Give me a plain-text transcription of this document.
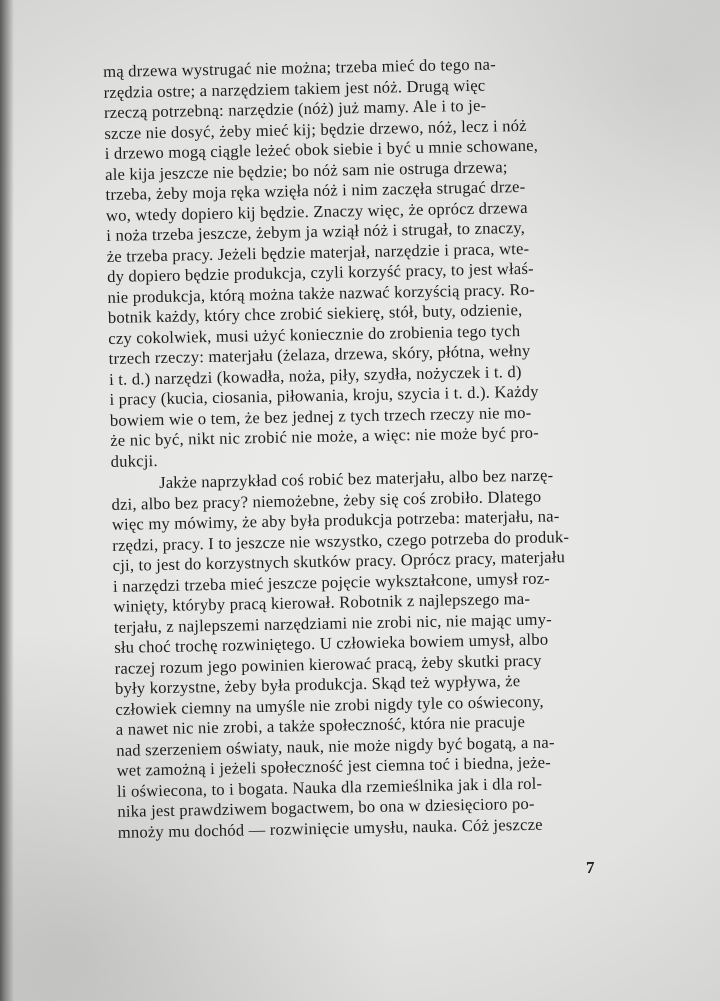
mą drzewa wystrugać nie można; trzeba mieć do tego na-
rzędzia ostre; a narzędziem takiem jest nóż. Drugą więc
rzeczą potrzebną: narzędzie (nóż) już mamy. Ale i to je-
szcze nie dosyć, żeby mieć kij; będzie drzewo, nóż, lecz i nóż
i drzewo mogą ciągle leżeć obok siebie i być u mnie schowane,
ale kija jeszcze nie będzie; bo nóż sam nie ostruga drzewa;
trzeba, żeby moja ręka wzięła nóż i nim zaczęła strugać drze-
wo, wtedy dopiero kij będzie. Znaczy więc, że oprócz drzewa
i noża trzeba jeszcze, żebym ja wziął nóż i strugał, to znaczy,
że trzeba pracy. Jeżeli będzie materjał, narzędzie i praca, wte-
dy dopiero będzie produkcja, czyli korzyść pracy, to jest właś-
nie produkcja, którą można także nazwać korzyścią pracy. Ro-
botnik każdy, który chce zrobić siekierę, stół, buty, odzienie,
czy cokolwiek, musi użyć koniecznie do zrobienia tego tych
trzech rzeczy: materjału (żelaza, drzewa, skóry, płótna, wełny
i t. d.) narzędzi (kowadła, noża, piły, szydła, nożyczek i t. d)
i pracy (kucia, ciosania, piłowania, kroju, szycia i t. d.). Każdy
bowiem wie o tem, że bez jednej z tych trzech rzeczy nie mo-
że nic być, nikt nic zrobić nie może, a więc: nie może być pro-
dukcji.
Jakże naprzykład coś robić bez materjału, albo bez narzę-
dzi, albo bez pracy? niemożebne, żeby się coś zrobiło. Dlatego
więc my mówimy, że aby była produkcja potrzeba: materjału, na-
rzędzi, pracy. I to jeszcze nie wszystko, czego potrzeba do produk-
cji, to jest do korzystnych skutków pracy. Oprócz pracy, materjału
i narzędzi trzeba mieć jeszcze pojęcie wykształcone, umysł roz-
winięty, któryby pracą kierował. Robotnik z najlepszego ma-
terjału, z najlepszemi narzędziami nie zrobi nic, nie mając umy-
słu choć trochę rozwiniętego. U człowieka bowiem umysł, albo
raczej rozum jego powinien kierować pracą, żeby skutki pracy
były korzystne, żeby była produkcja. Skąd też wypływa, że
człowiek ciemny na umyśle nie zrobi nigdy tyle co oświecony,
a nawet nic nie zrobi, a także społeczność, która nie pracuje
nad szerzeniem oświaty, nauk, nie może nigdy być bogatą, a na-
wet zamożną i jeżeli społeczność jest ciemna toć i biedna, jeże-
li oświecona, to i bogata. Nauka dla rzemieślnika jak i dla rol-
nika jest prawdziwem bogactwem, bo ona w dziesięcioro po-
mnoży mu dochód — rozwinięcie umysłu, nauka. Cóż jeszcze
7
